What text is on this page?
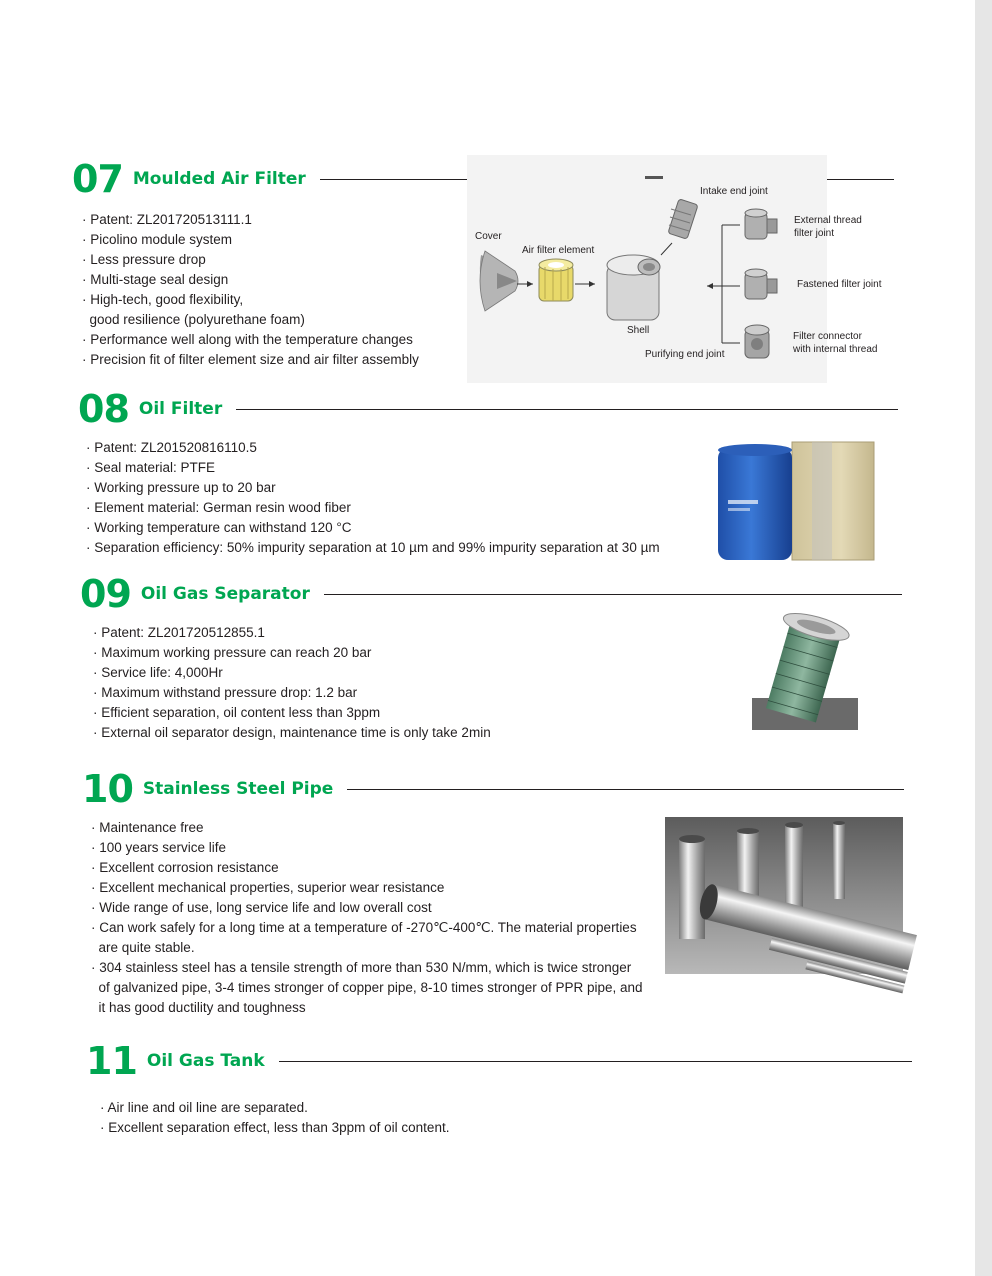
07 Moulded Air Filter
· Patent: ZL201720513111.1
· Picolino module system
· Less pressure drop
· Multi-stage seal design
· High-tech, good flexibility,
good resilience (polyurethane foam)
· Performance well along with the temperature changes
· Precision fit of filter element size and air filter assembly
Cover
Air filter element
Intake end joint
Shell
Purifying end joint
External thread
filter joint
Fastened filter joint
Filter connector
with internal thread
08 Oil Filter
· Patent: ZL201520816110.5
· Seal material: PTFE
· Working pressure up to 20 bar
· Element material: German resin wood fiber
· Working temperature can withstand 120 °C
· Separation efficiency: 50% impurity separation at 10 µm and 99% impurity separation at 30 µm
09 Oil Gas Separator
· Patent: ZL201720512855.1
· Maximum working pressure can reach 20 bar
· Service life: 4,000Hr
· Maximum withstand pressure drop: 1.2 bar
· Efficient separation, oil content less than 3ppm
· External oil separator design, maintenance time is only take 2min
10 Stainless Steel Pipe
· Maintenance free
· 100 years service life
· Excellent corrosion resistance
· Excellent mechanical properties, superior wear resistance
· Wide range of use, long service life and low overall cost
· Can work safely for a long time at a temperature of -270℃-400℃. The material properties
are quite stable.
· 304 stainless steel has a tensile strength of more than 530 N/mm, which is twice stronger
of galvanized pipe, 3-4 times stronger of copper pipe, 8-10 times stronger of PPR pipe, and
it has good ductility and toughness
11 Oil Gas Tank
· Air line and oil line are separated.
· Excellent separation effect, less than 3ppm of oil content.
